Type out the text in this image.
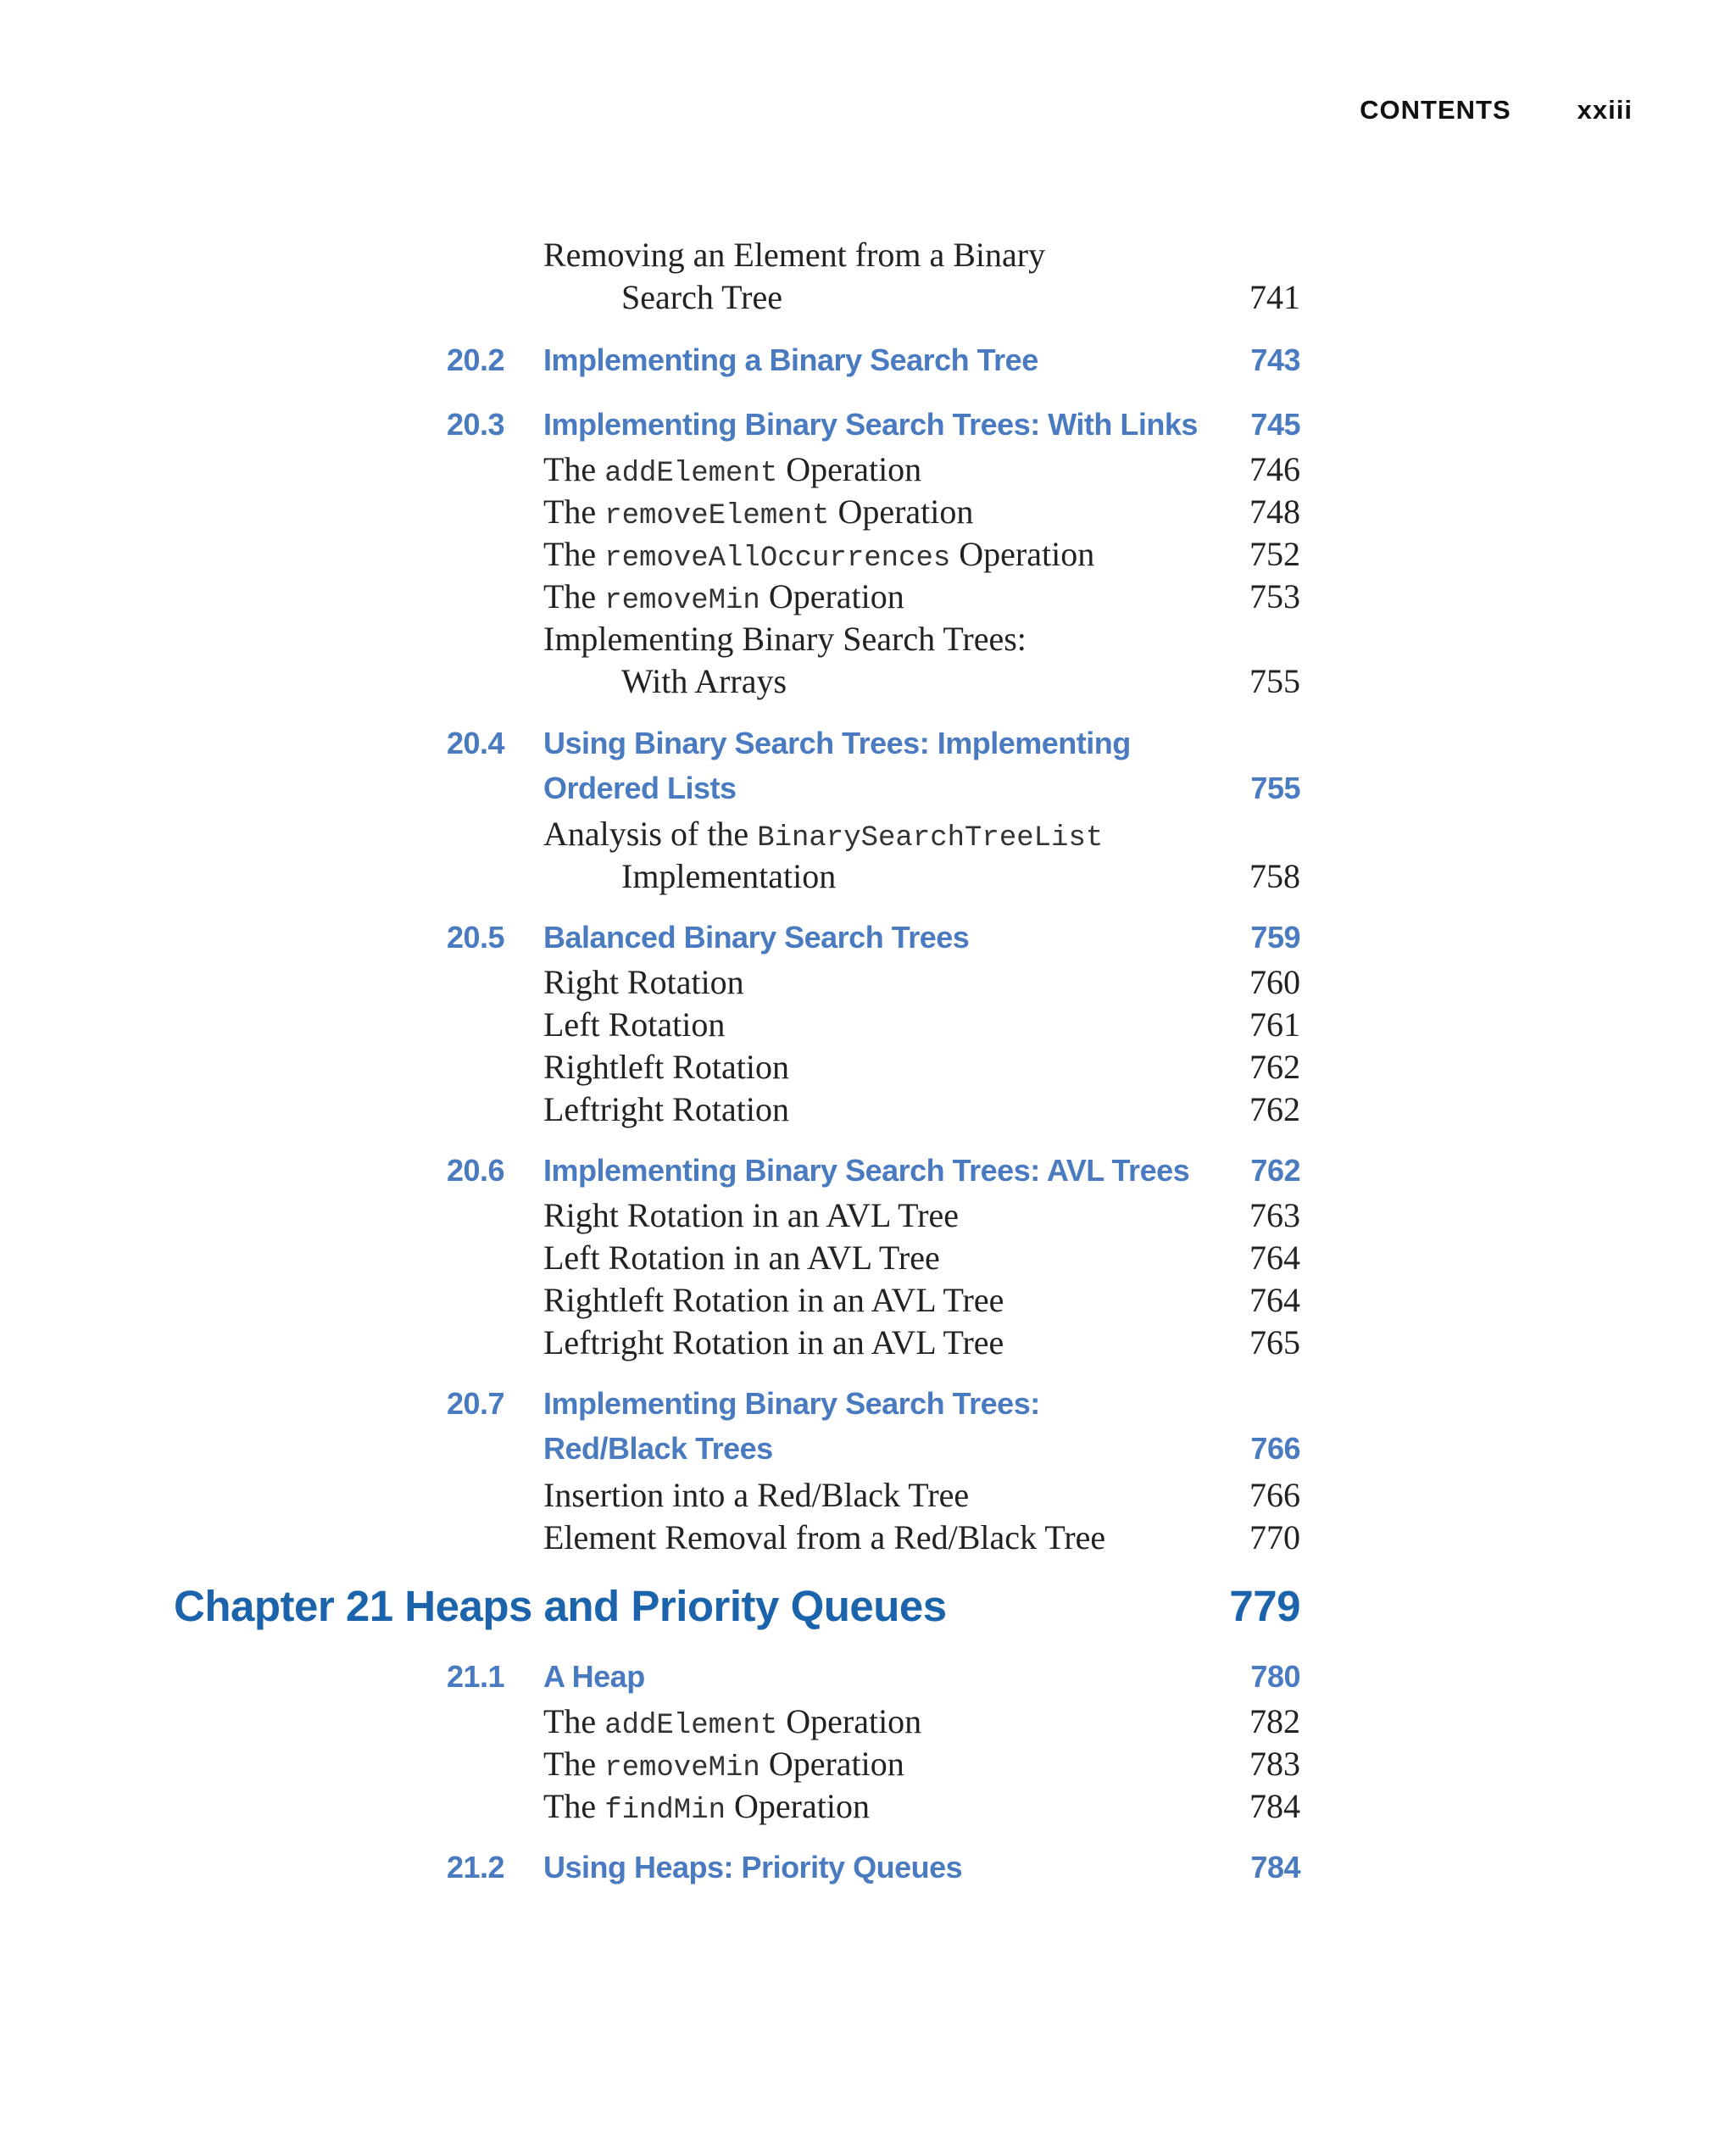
CONTENTS	xxiii
Removing an Element from a Binary
Search Tree	741
20.2 Implementing a Binary Search Tree	743
20.3 Implementing Binary Search Trees: With Links 745
The addElement Operation	746
The removeElement Operation	748
The removeAllOccurrences Operation	752
The removeMin Operation	753
Implementing Binary Search Trees:
With Arrays	755
20.4 Using Binary Search Trees: Implementing
Ordered Lists	755
Analysis of the BinarySearchTreeList
Implementation	758
20.5 Balanced Binary Search Trees	759
Right Rotation	760
Left Rotation	761
Rightleft Rotation	762
Leftright Rotation	762
20.6 Implementing Binary Search Trees: AVL Trees 762
Right Rotation in an AVL Tree	763
Left Rotation in an AVL Tree	764
Rightleft Rotation in an AVL Tree	764
Leftright Rotation in an AVL Tree	765
20.7 Implementing Binary Search Trees:
Red/Black Trees	766
Insertion into a Red/Black Tree	766
Element Removal from a Red/Black Tree	770
Chapter 21 Heaps and Priority Queues	779
21.1 A Heap	780
The addElement Operation	782
The removeMin Operation	783
The findMin Operation	784
21.2 Using Heaps: Priority Queues	784
